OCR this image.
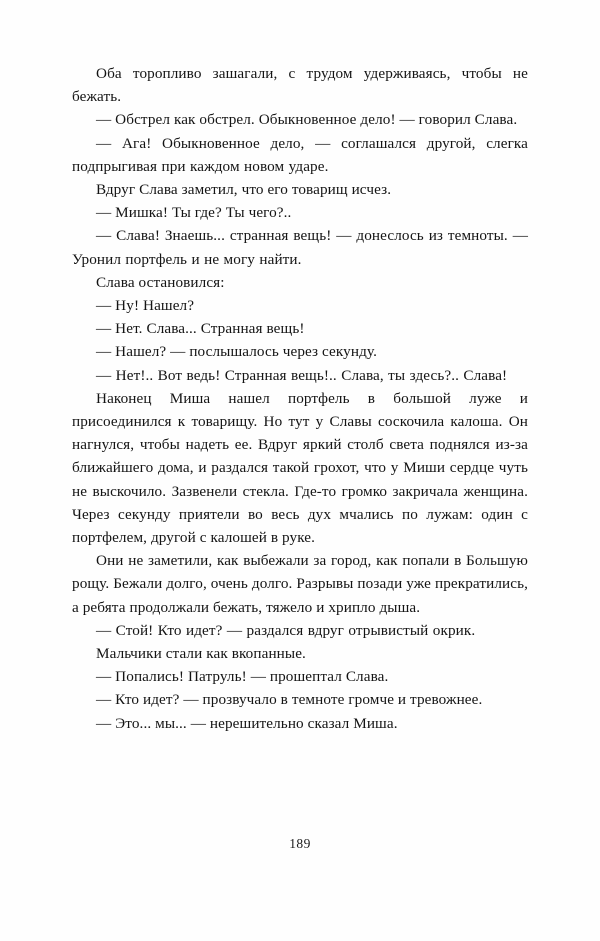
Оба торопливо зашагали, с трудом удерживаясь, чтобы не бежать.

— Обстрел как обстрел. Обыкновенное дело! — говорил Слава.

— Ага! Обыкновенное дело, — соглашался другой, слегка подпрыгивая при каждом новом ударе.

Вдруг Слава заметил, что его товарищ исчез.

— Мишка! Ты где? Ты чего?..

— Слава! Знаешь... странная вещь! — донеслось из темноты. — Уронил портфель и не могу найти.

Слава остановился:

— Ну! Нашел?

— Нет. Слава... Странная вещь!

— Нашел? — послышалось через секунду.

— Нет!.. Вот ведь! Странная вещь!.. Слава, ты здесь?.. Слава!

Наконец Миша нашел портфель в большой луже и присоединился к товарищу. Но тут у Славы соскочила калоша. Он нагнулся, чтобы надеть ее. Вдруг яркий столб света поднялся из-за ближайшего дома, и раздался такой грохот, что у Миши сердце чуть не выскочило. Зазвенели стекла. Где-то громко закричала женщина. Через секунду приятели во весь дух мчались по лужам: один с портфелем, другой с калошей в руке.

Они не заметили, как выбежали за город, как попали в Большую рощу. Бежали долго, очень долго. Разрывы позади уже прекратились, а ребята продолжали бежать, тяжело и хрипло дыша.

— Стой! Кто идет? — раздался вдруг отрывистый окрик.

Мальчики стали как вкопанные.

— Попались! Патруль! — прошептал Слава.

— Кто идет? — прозвучало в темноте громче и тревожнее.

— Это... мы... — нерешительно сказал Миша.

189
